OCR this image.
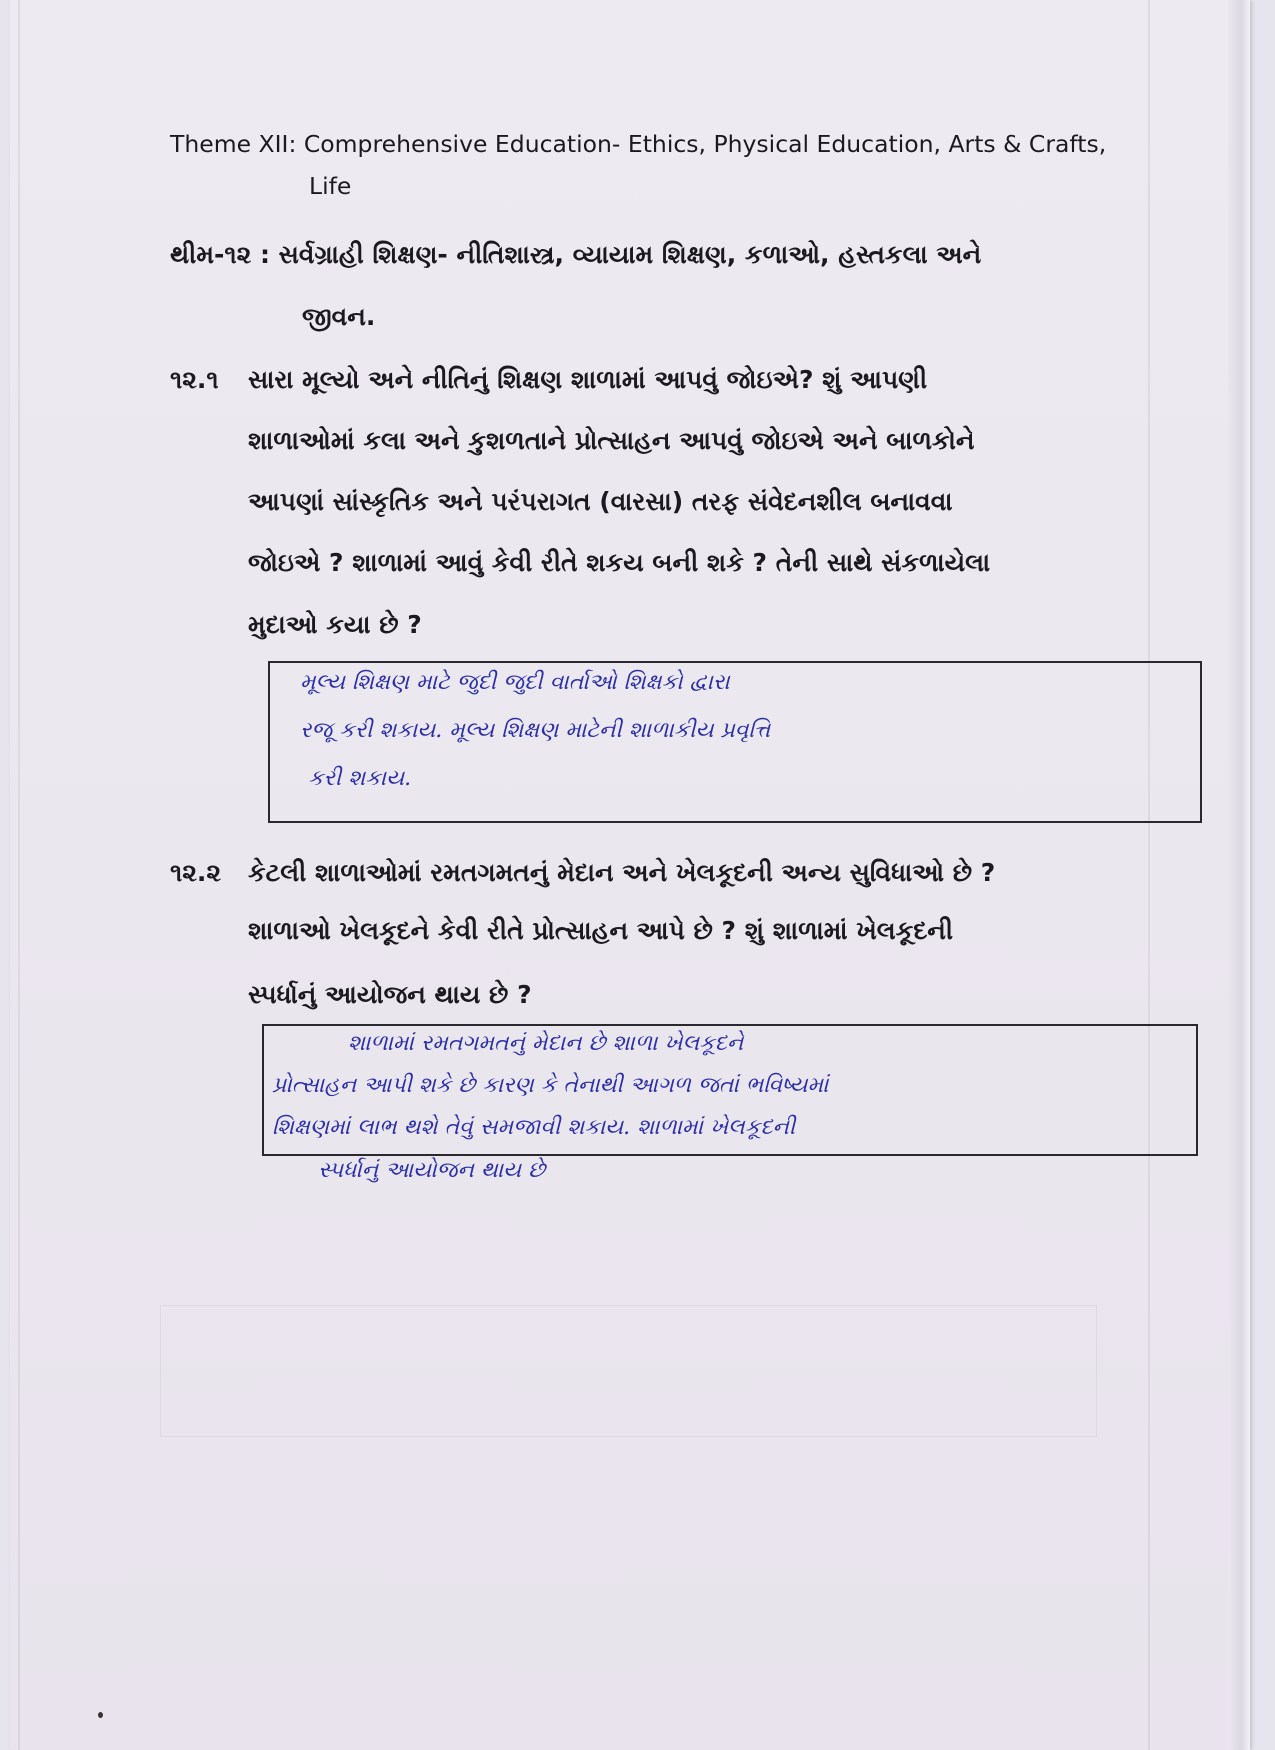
Theme XII: Comprehensive Education- Ethics, Physical Education, Arts & Crafts,
Life
થીમ-૧૨ : સર્વગ્રાહી શિક્ષણ- નીતિશાસ્ત્ર, વ્યાયામ શિક્ષણ, કળાઓ, હસ્તકલા અને
જીવન.
૧૨.૧ સારા મૂલ્યો અને નીતિનું શિક્ષણ શાળામાં આપવું જોઇએ? શું આપણી
શાળાઓમાં કલા અને કુશળતાને પ્રોત્સાહન આપવું જોઇએ અને બાળકોને
આપણાં સાંસ્કૃતિક અને પરંપરાગત (વારસા) તરફ સંવેદનશીલ બનાવવા
જોઇએ ? શાળામાં આવું કેવી રીતે શકય બની શકે ? તેની સાથે સંકળાયેલા
મુદાઓ કયા છે ?
મૂલ્ય શિક્ષણ માટે જુદી જુદી વાર્તાઓ શિક્ષકો દ્વારા
રજૂ કરી શકાય. મૂલ્ય શિક્ષણ માટેની શાળાકીય પ્રવૃત્તિ
કરી શકાય.
૧૨.૨ કેટલી શાળાઓમાં રમતગમતનું મેદાન અને ખેલકૂદની અન્ય સુવિધાઓ છે ?
શાળાઓ ખેલકૂદને કેવી રીતે પ્રોત્સાહન આપે છે ? શું શાળામાં ખેલકૂદની
સ્પર્ધાનું આયોજન થાય છે ?
શાળામાં રમતગમતનું મેદાન છે શાળા ખેલકૂદને
પ્રોત્સાહન આપી શકે છે કારણ કે તેનાથી આગળ જતાં ભવિષ્યમાં
શિક્ષણમાં લાભ થશે તેવું સમજાવી શકાય. શાળામાં ખેલકૂદની
સ્પર્ધાનું આયોજન થાય છે
